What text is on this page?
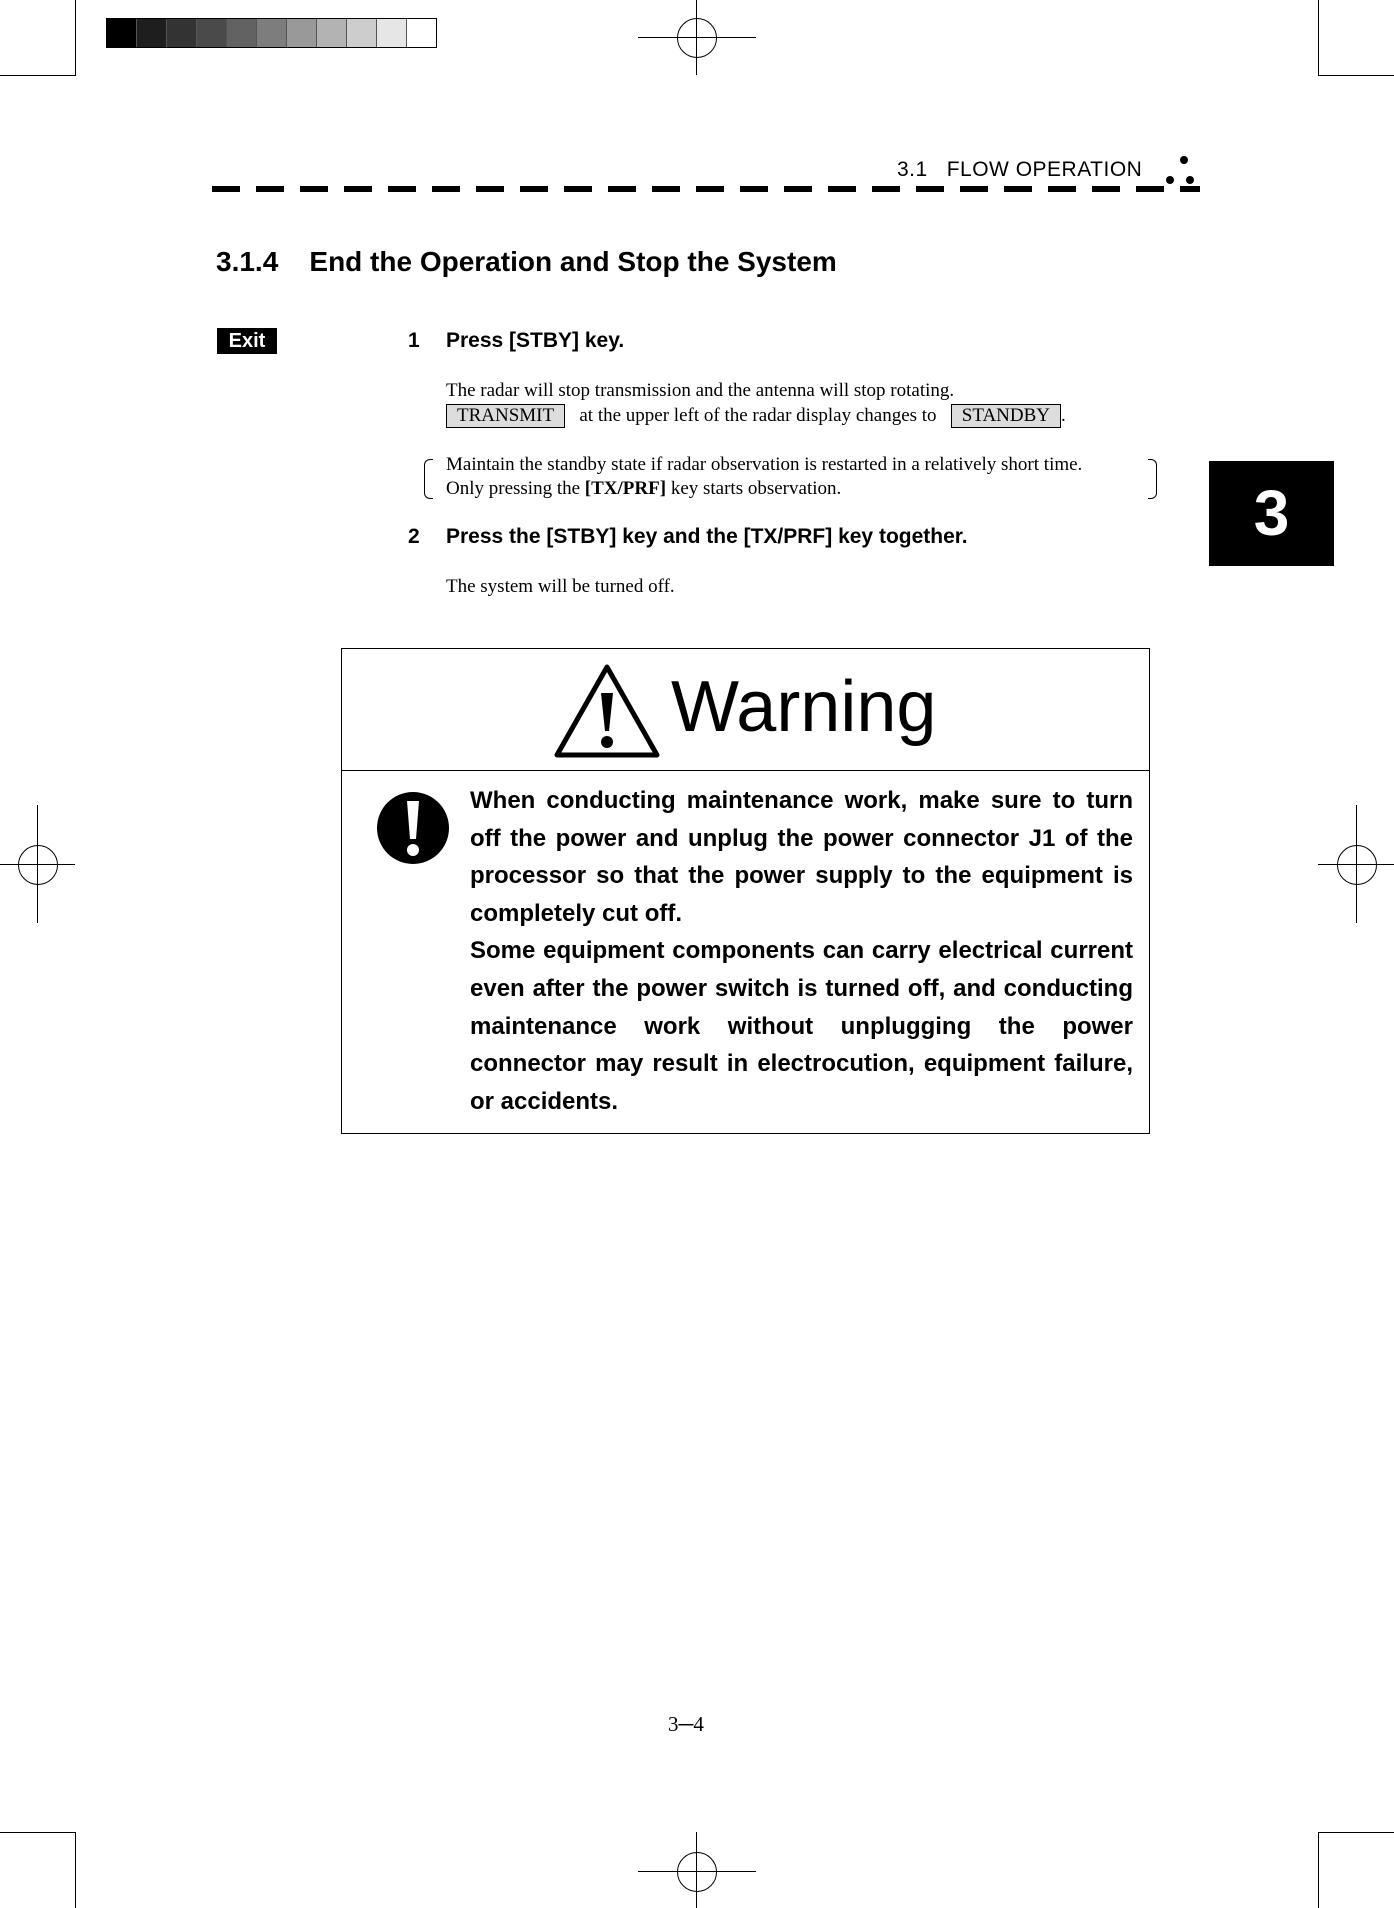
3.1   FLOW OPERATION
3.1.4    End the Operation and Stop the System
Exit	1 Press [STBY] key.
The radar will stop transmission and the antenna will stop rotating.
TRANSMIT at the upper left of the radar display changes to STANDBY .
Maintain the standby state if radar observation is restarted in a relatively short time.
Only pressing the [TX/PRF] key starts observation.
2 Press the [STBY] key and the [TX/PRF] key together.
The system will be turned off.
3
Warning

When conducting maintenance work, make sure to turn off the power and unplug the power connector J1 of the processor so that the power supply to the equipment is completely cut off.

Some equipment components can carry electrical current even after the power switch is turned off, and conducting maintenance work without unplugging the power connector may result in electrocution, equipment failure, or accidents.

3─4
